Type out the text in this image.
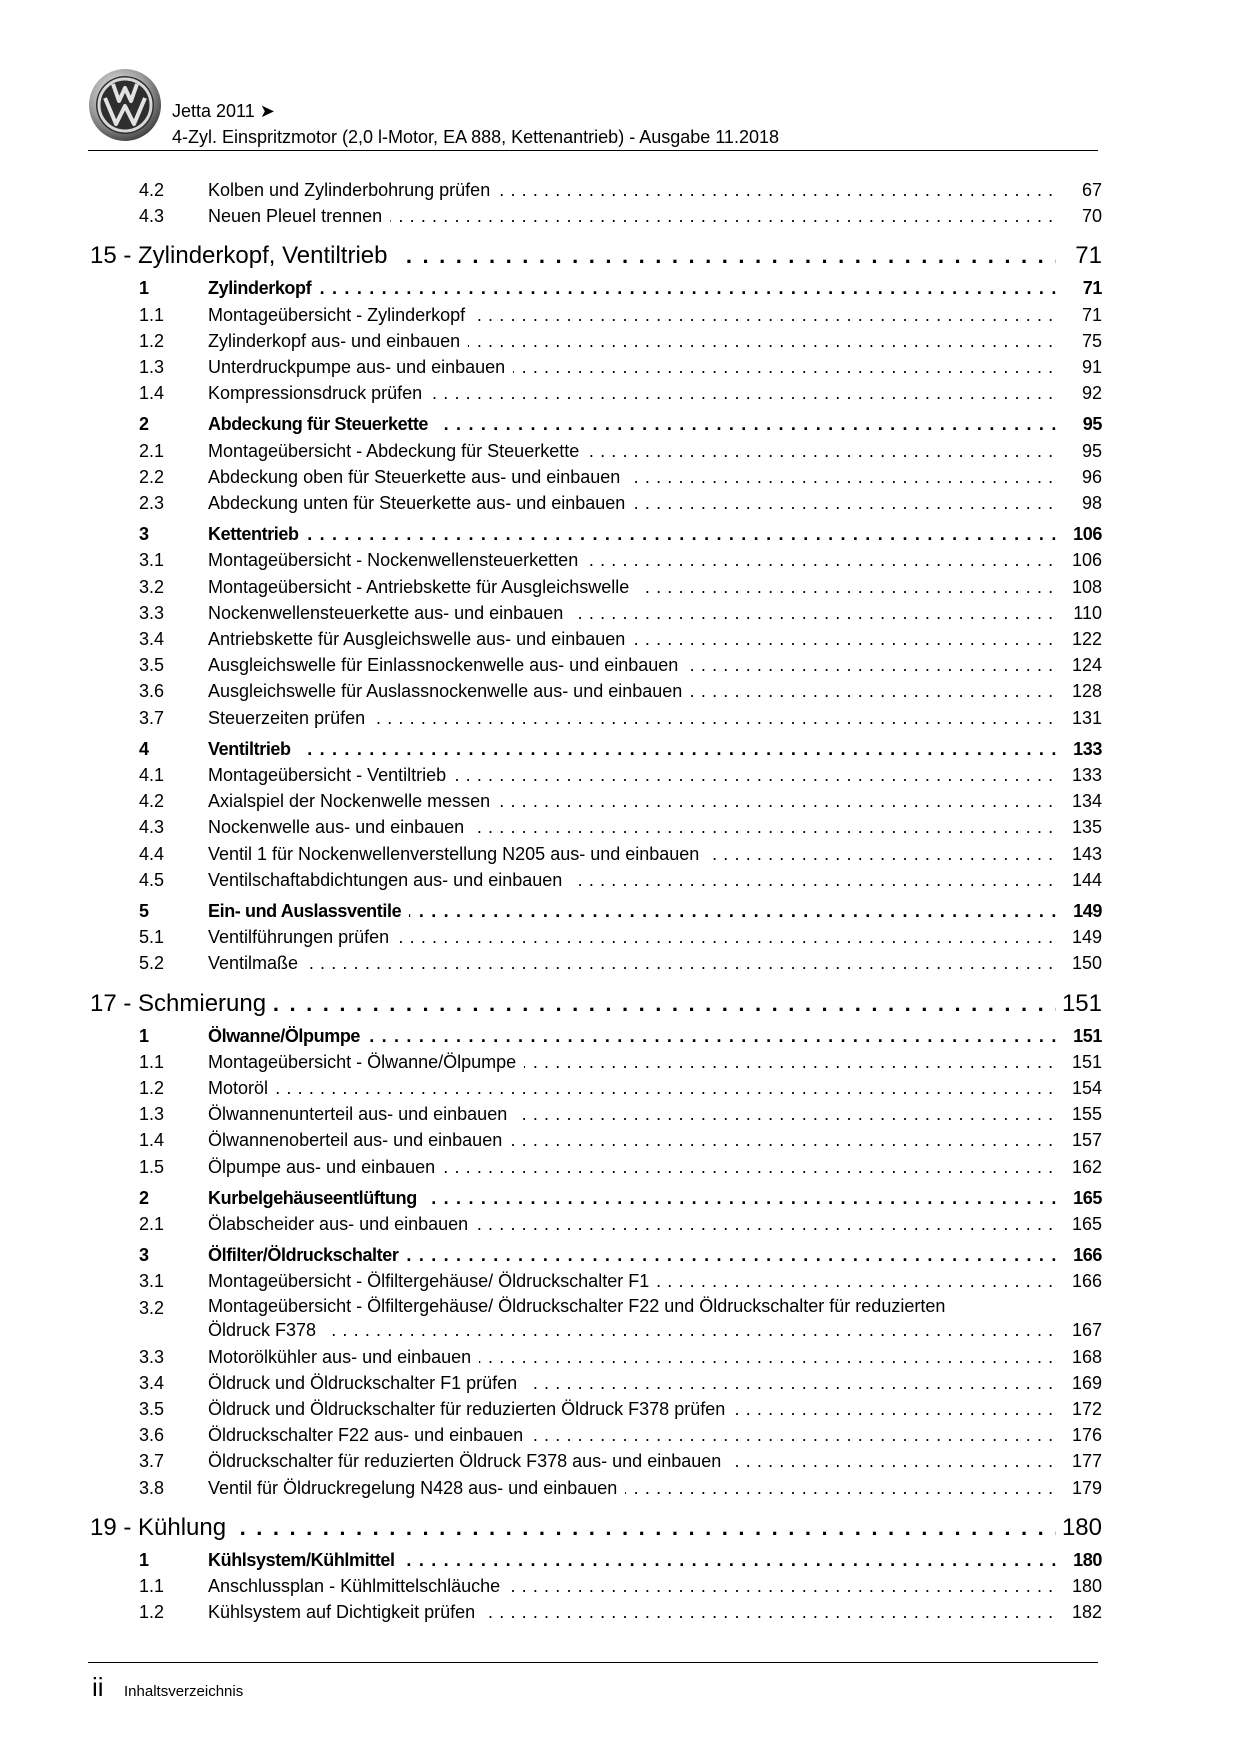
Jetta 2011 ➤
4-Zyl. Einspritzmotor (2,0 l-Motor, EA 888, Kettenantrieb) - Ausgabe 11.2018
4.2 Kolben und Zylinderbohrung prüfen . . .	67
4.3 Neuen Pleuel trennen . . .	70
15 - Zylinderkopf, Ventiltrieb . . .	71
1	Zylinderkopf . . .	71
1.1 Montageübersicht - Zylinderkopf . . .	71
1.2 Zylinderkopf aus- und einbauen . . .	75
1.3 Unterdruckpumpe aus- und einbauen . . .	91
1.4 Kompressionsdruck prüfen . . .	92
2	Abdeckung für Steuerkette . . .	95
2.1 Montageübersicht - Abdeckung für Steuerkette . . .	95
2.2 Abdeckung oben für Steuerkette aus- und einbauen . . .	96
2.3 Abdeckung unten für Steuerkette aus- und einbauen . . .	98
3	Kettentrieb . . .	106
3.1 Montageübersicht - Nockenwellensteuerketten . . .	106
3.2 Montageübersicht - Antriebskette für Ausgleichswelle . . .	108
3.3 Nockenwellensteuerkette aus- und einbauen . . .	110
3.4 Antriebskette für Ausgleichswelle aus- und einbauen . . .	122
3.5 Ausgleichswelle für Einlassnockenwelle aus- und einbauen . . .	124
3.6 Ausgleichswelle für Auslassnockenwelle aus- und einbauen . . .	128
3.7 Steuerzeiten prüfen . . .	131
4	Ventiltrieb . . .	133
4.1 Montageübersicht - Ventiltrieb . . .	133
4.2 Axialspiel der Nockenwelle messen . . .	134
4.3 Nockenwelle aus- und einbauen . . .	135
4.4 Ventil 1 für Nockenwellenverstellung N205 aus- und einbauen . . .	143
4.5 Ventilschaftabdichtungen aus- und einbauen . . .	144
5	Ein- und Auslassventile . . .	149
5.1 Ventilführungen prüfen . . .	149
5.2 Ventilmaße . . .	150
17 - Schmierung . . .	151
1	Ölwanne/Ölpumpe . . .	151
1.1 Montageübersicht - Ölwanne/Ölpumpe . . .	151
1.2 Motoröl . . .	154
1.3 Ölwannenunterteil aus- und einbauen . . .	155
1.4 Ölwannenoberteil aus- und einbauen . . .	157
1.5 Ölpumpe aus- und einbauen . . .	162
2	Kurbelgehäuseentlüftung . . .	165
2.1 Ölabscheider aus- und einbauen . . .	165
3	Ölfilter/Öldruckschalter . . .	166
3.1 Montageübersicht - Ölfiltergehäuse/ Öldruckschalter F1 . . .	166
3.2 Montageübersicht - Ölfiltergehäuse/ Öldruckschalter F22 und Öldruckschalter für reduzierten
Öldruck F378 . . .	167
3.3 Motorölkühler aus- und einbauen . . .	168
3.4 Öldruck und Öldruckschalter F1 prüfen . . .	169
3.5 Öldruck und Öldruckschalter für reduzierten Öldruck F378 prüfen . . .	172
3.6 Öldruckschalter F22 aus- und einbauen . . .	176
3.7 Öldruckschalter für reduzierten Öldruck F378 aus- und einbauen . . .	177
3.8 Ventil für Öldruckregelung N428 aus- und einbauen . . .	179
19 - Kühlung . . .	180
1	Kühlsystem/Kühlmittel . . .	180
1.1 Anschlussplan - Kühlmittelschläuche . . .	180
1.2 Kühlsystem auf Dichtigkeit prüfen . . .	182
ii Inhaltsverzeichnis
